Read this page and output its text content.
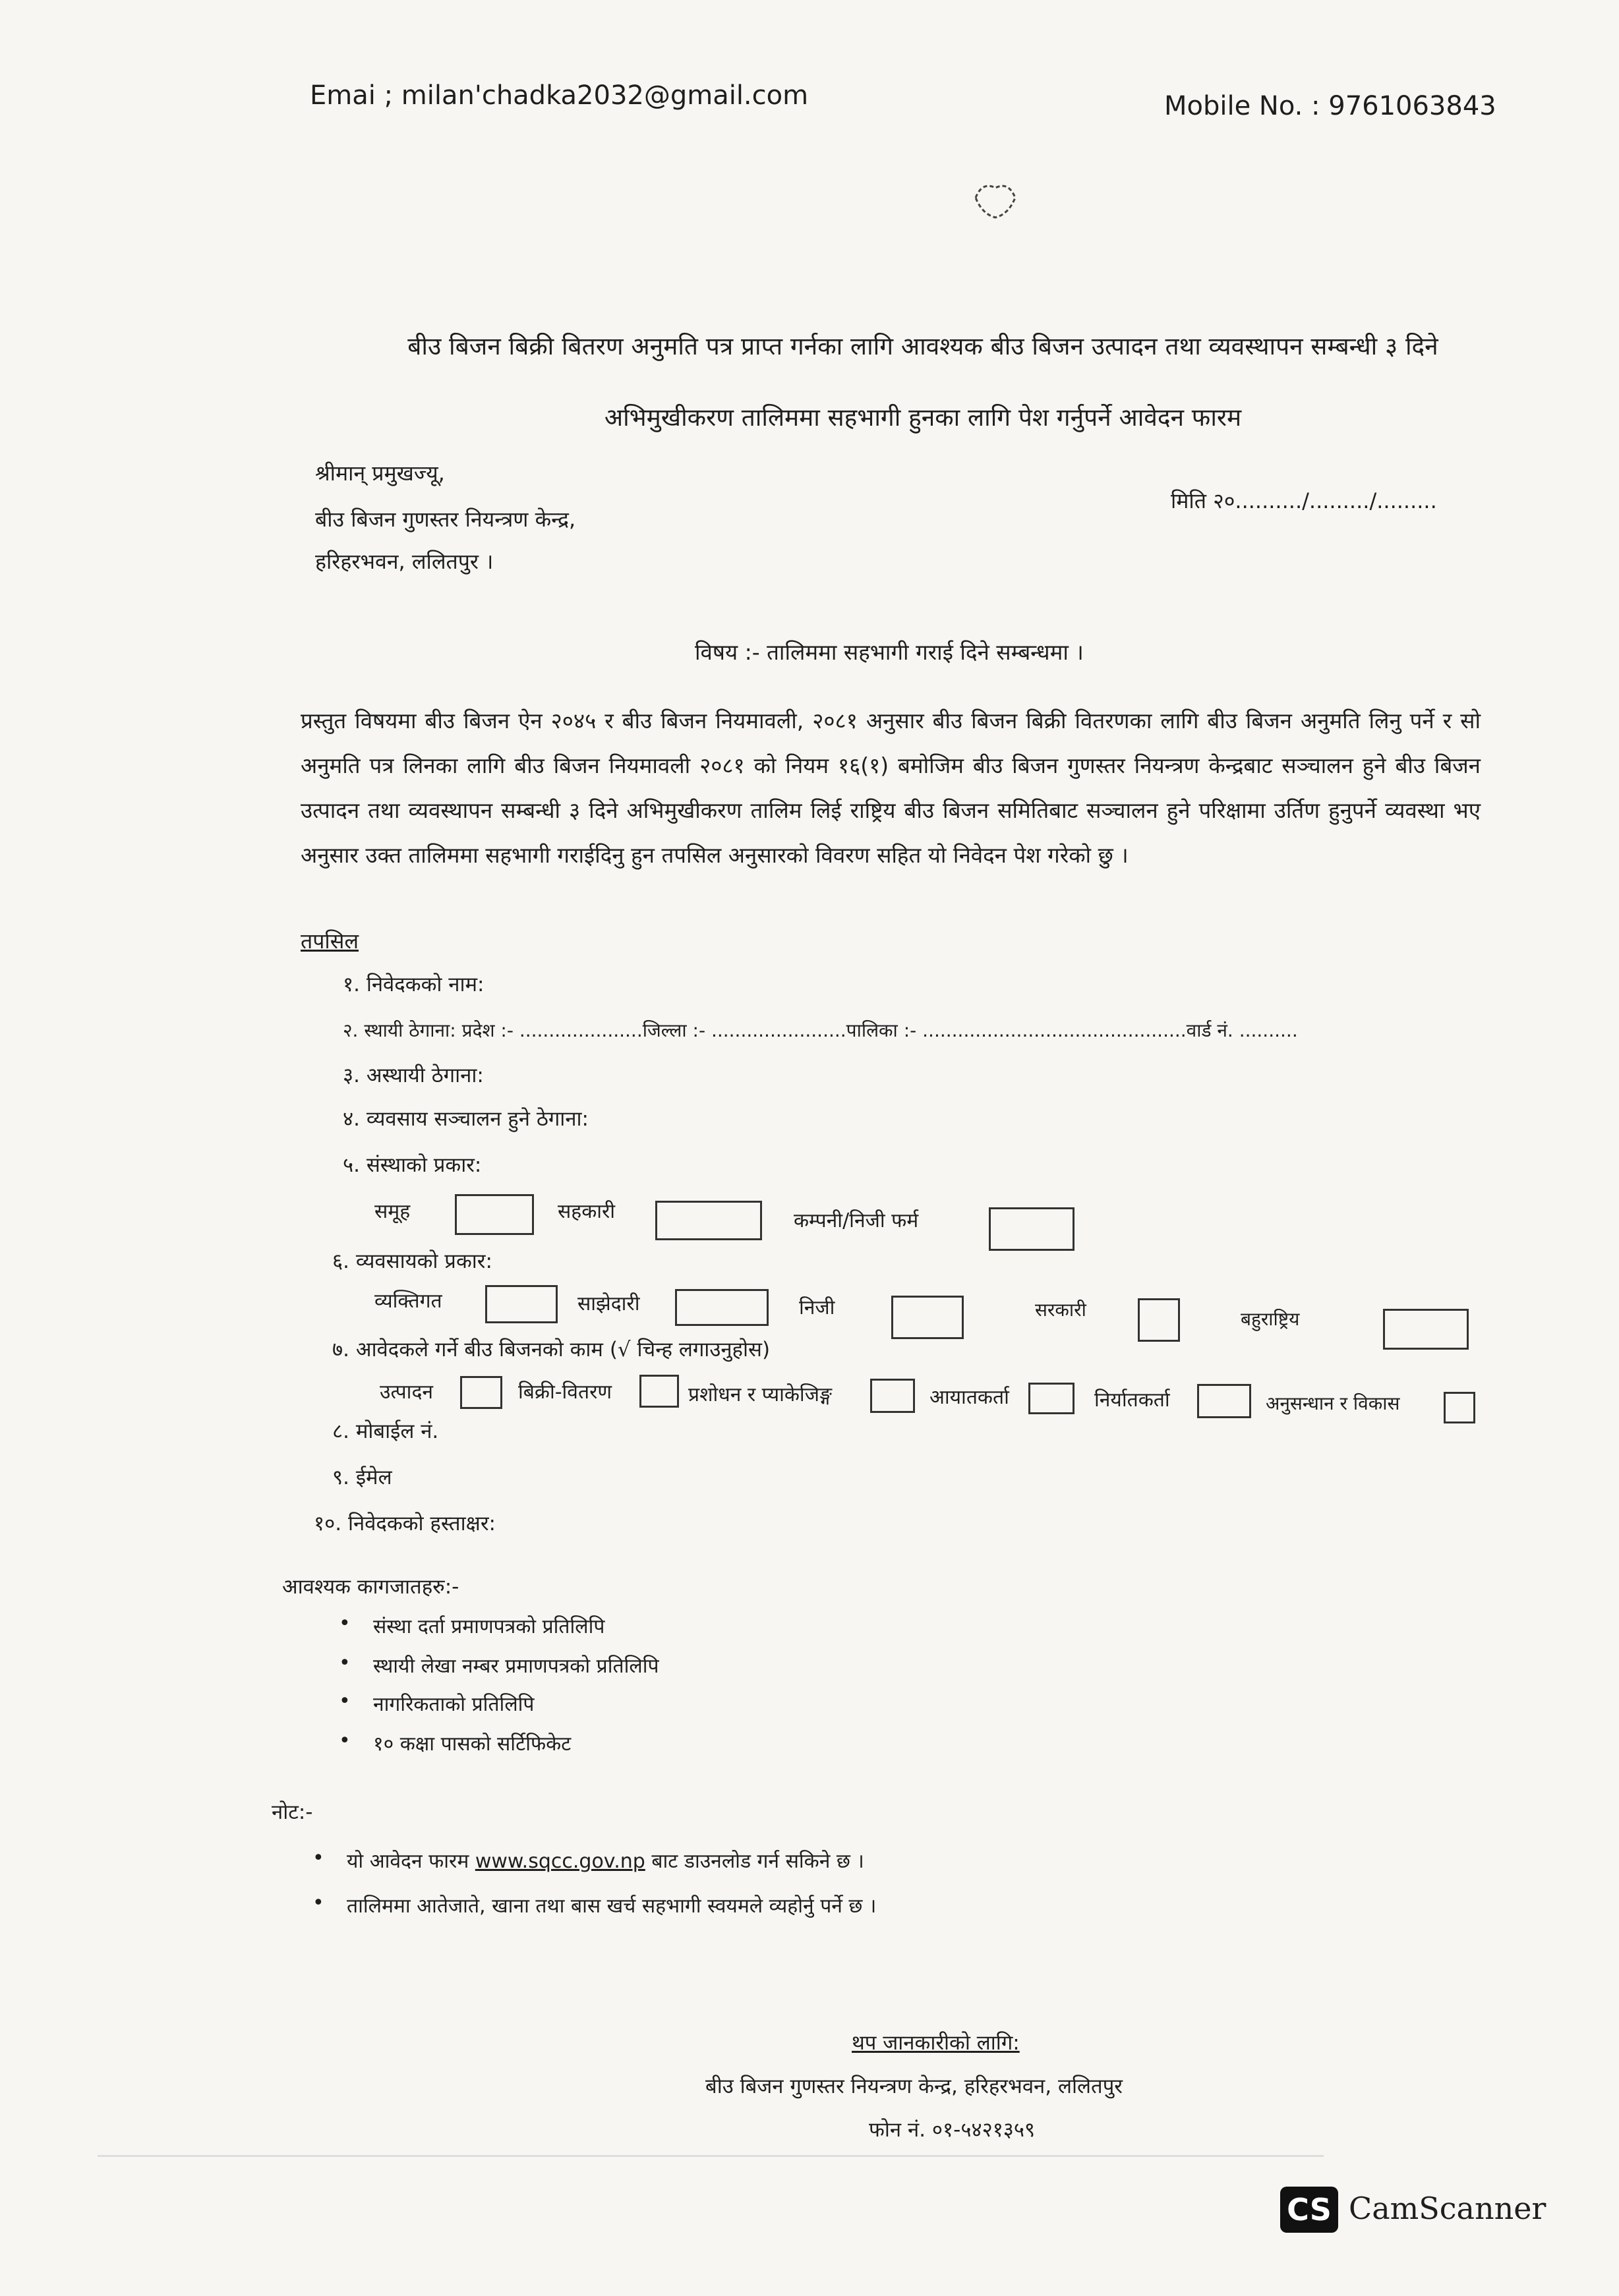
Emai ; milan'chadka2032@gmail.com	Mobile No. : 9761063843
बीउ बिजन बिक्री बितरण अनुमति पत्र प्राप्त गर्नका लागि आवश्यक बीउ बिजन उत्पादन तथा व्यवस्थापन सम्बन्धी ३ दिने
अभिमुखीकरण तालिममा सहभागी हुनका लागि पेश गर्नुपर्ने आवेदन फारम
श्रीमान् प्रमुखज्यू,
बीउ बिजन गुणस्तर नियन्त्रण केन्द्र,
हरिहरभवन, ललितपुर ।
मिति २०........../........./.........
विषय :- तालिममा सहभागी गराई दिने सम्बन्धमा ।
प्रस्तुत विषयमा बीउ बिजन ऐन २०४५ र बीउ बिजन नियमावली, २०८१ अनुसार बीउ बिजन बिक्री वितरणका लागि बीउ बिजन अनुमति लिनु पर्ने र सो अनुमति पत्र लिनका लागि बीउ बिजन नियमावली २०८१ को नियम १६(१) बमोजिम बीउ बिजन गुणस्तर नियन्त्रण केन्द्रबाट सञ्चालन हुने बीउ बिजन उत्पादन तथा व्यवस्थापन सम्बन्धी ३ दिने अभिमुखीकरण तालिम लिई राष्ट्रिय बीउ बिजन समितिबाट सञ्चालन हुने परिक्षामा उर्तिण हुनुपर्ने व्यवस्था भए अनुसार उक्त तालिममा सहभागी गराईदिनु हुन तपसिल अनुसारको विवरण सहित यो निवेदन पेश गरेको छु ।
तपसिल
१. निवेदकको नाम:
२. स्थायी ठेगाना: प्रदेश :- .....................जिल्ला :- .......................पालिका :- .............................................वार्ड नं. ..........
३. अस्थायी ठेगाना:
४. व्यवसाय सञ्चालन हुने ठेगाना:
५. संस्थाको प्रकार:
समूह	सहकारी	कम्पनी/निजी फर्म
६. व्यवसायको प्रकार:
व्यक्तिगत	साझेदारी	निजी	सरकारी	बहुराष्ट्रिय
७. आवेदकले गर्ने बीउ बिजनको काम (√ चिन्ह लगाउनुहोस)
उत्पादन	बिक्री-वितरण	प्रशोधन र प्याकेजिङ्ग	आयातकर्ता	निर्यातकर्ता	अनुसन्धान र विकास
८. मोबाईल नं.
९. ईमेल
१०. निवेदकको हस्ताक्षर:
आवश्यक कागजातहरु:-
• संस्था दर्ता प्रमाणपत्रको प्रतिलिपि
• स्थायी लेखा नम्बर प्रमाणपत्रको प्रतिलिपि
• नागरिकताको प्रतिलिपि
• १० कक्षा पासको सर्टिफिकेट
नोट:-
• यो आवेदन फारम www.sqcc.gov.np बाट डाउनलोड गर्न सकिने छ ।
• तालिममा आतेजाते, खाना तथा बास खर्च सहभागी स्वयमले व्यहोर्नु पर्ने छ ।
थप जानकारीको लागि:
बीउ बिजन गुणस्तर नियन्त्रण केन्द्र, हरिहरभवन, ललितपुर
फोन नं. ०१-५४२१३५९
CS CamScanner
